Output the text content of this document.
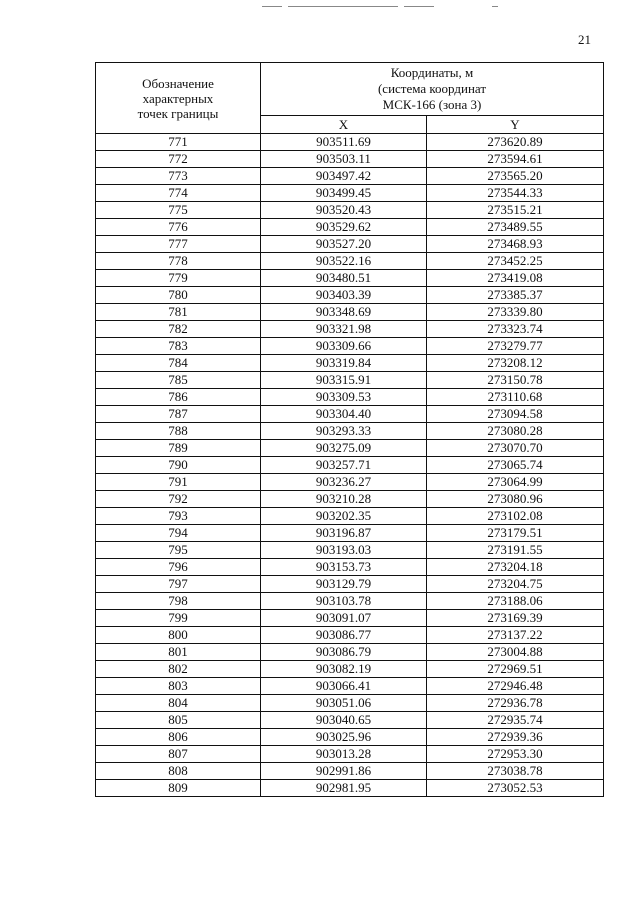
21
Обозначение
характерных
точек границы	Координаты, м
(система координат
МСК-166 (зона 3)	
	X	Y
771	903511.69	273620.89
772	903503.11	273594.61
773	903497.42	273565.20
774	903499.45	273544.33
775	903520.43	273515.21
776	903529.62	273489.55
777	903527.20	273468.93
778	903522.16	273452.25
779	903480.51	273419.08
780	903403.39	273385.37
781	903348.69	273339.80
782	903321.98	273323.74
783	903309.66	273279.77
784	903319.84	273208.12
785	903315.91	273150.78
786	903309.53	273110.68
787	903304.40	273094.58
788	903293.33	273080.28
789	903275.09	273070.70
790	903257.71	273065.74
791	903236.27	273064.99
792	903210.28	273080.96
793	903202.35	273102.08
794	903196.87	273179.51
795	903193.03	273191.55
796	903153.73	273204.18
797	903129.79	273204.75
798	903103.78	273188.06
799	903091.07	273169.39
800	903086.77	273137.22
801	903086.79	273004.88
802	903082.19	272969.51
803	903066.41	272946.48
804	903051.06	272936.78
805	903040.65	272935.74
806	903025.96	272939.36
807	903013.28	272953.30
808	902991.86	273038.78
809	902981.95	273052.53
